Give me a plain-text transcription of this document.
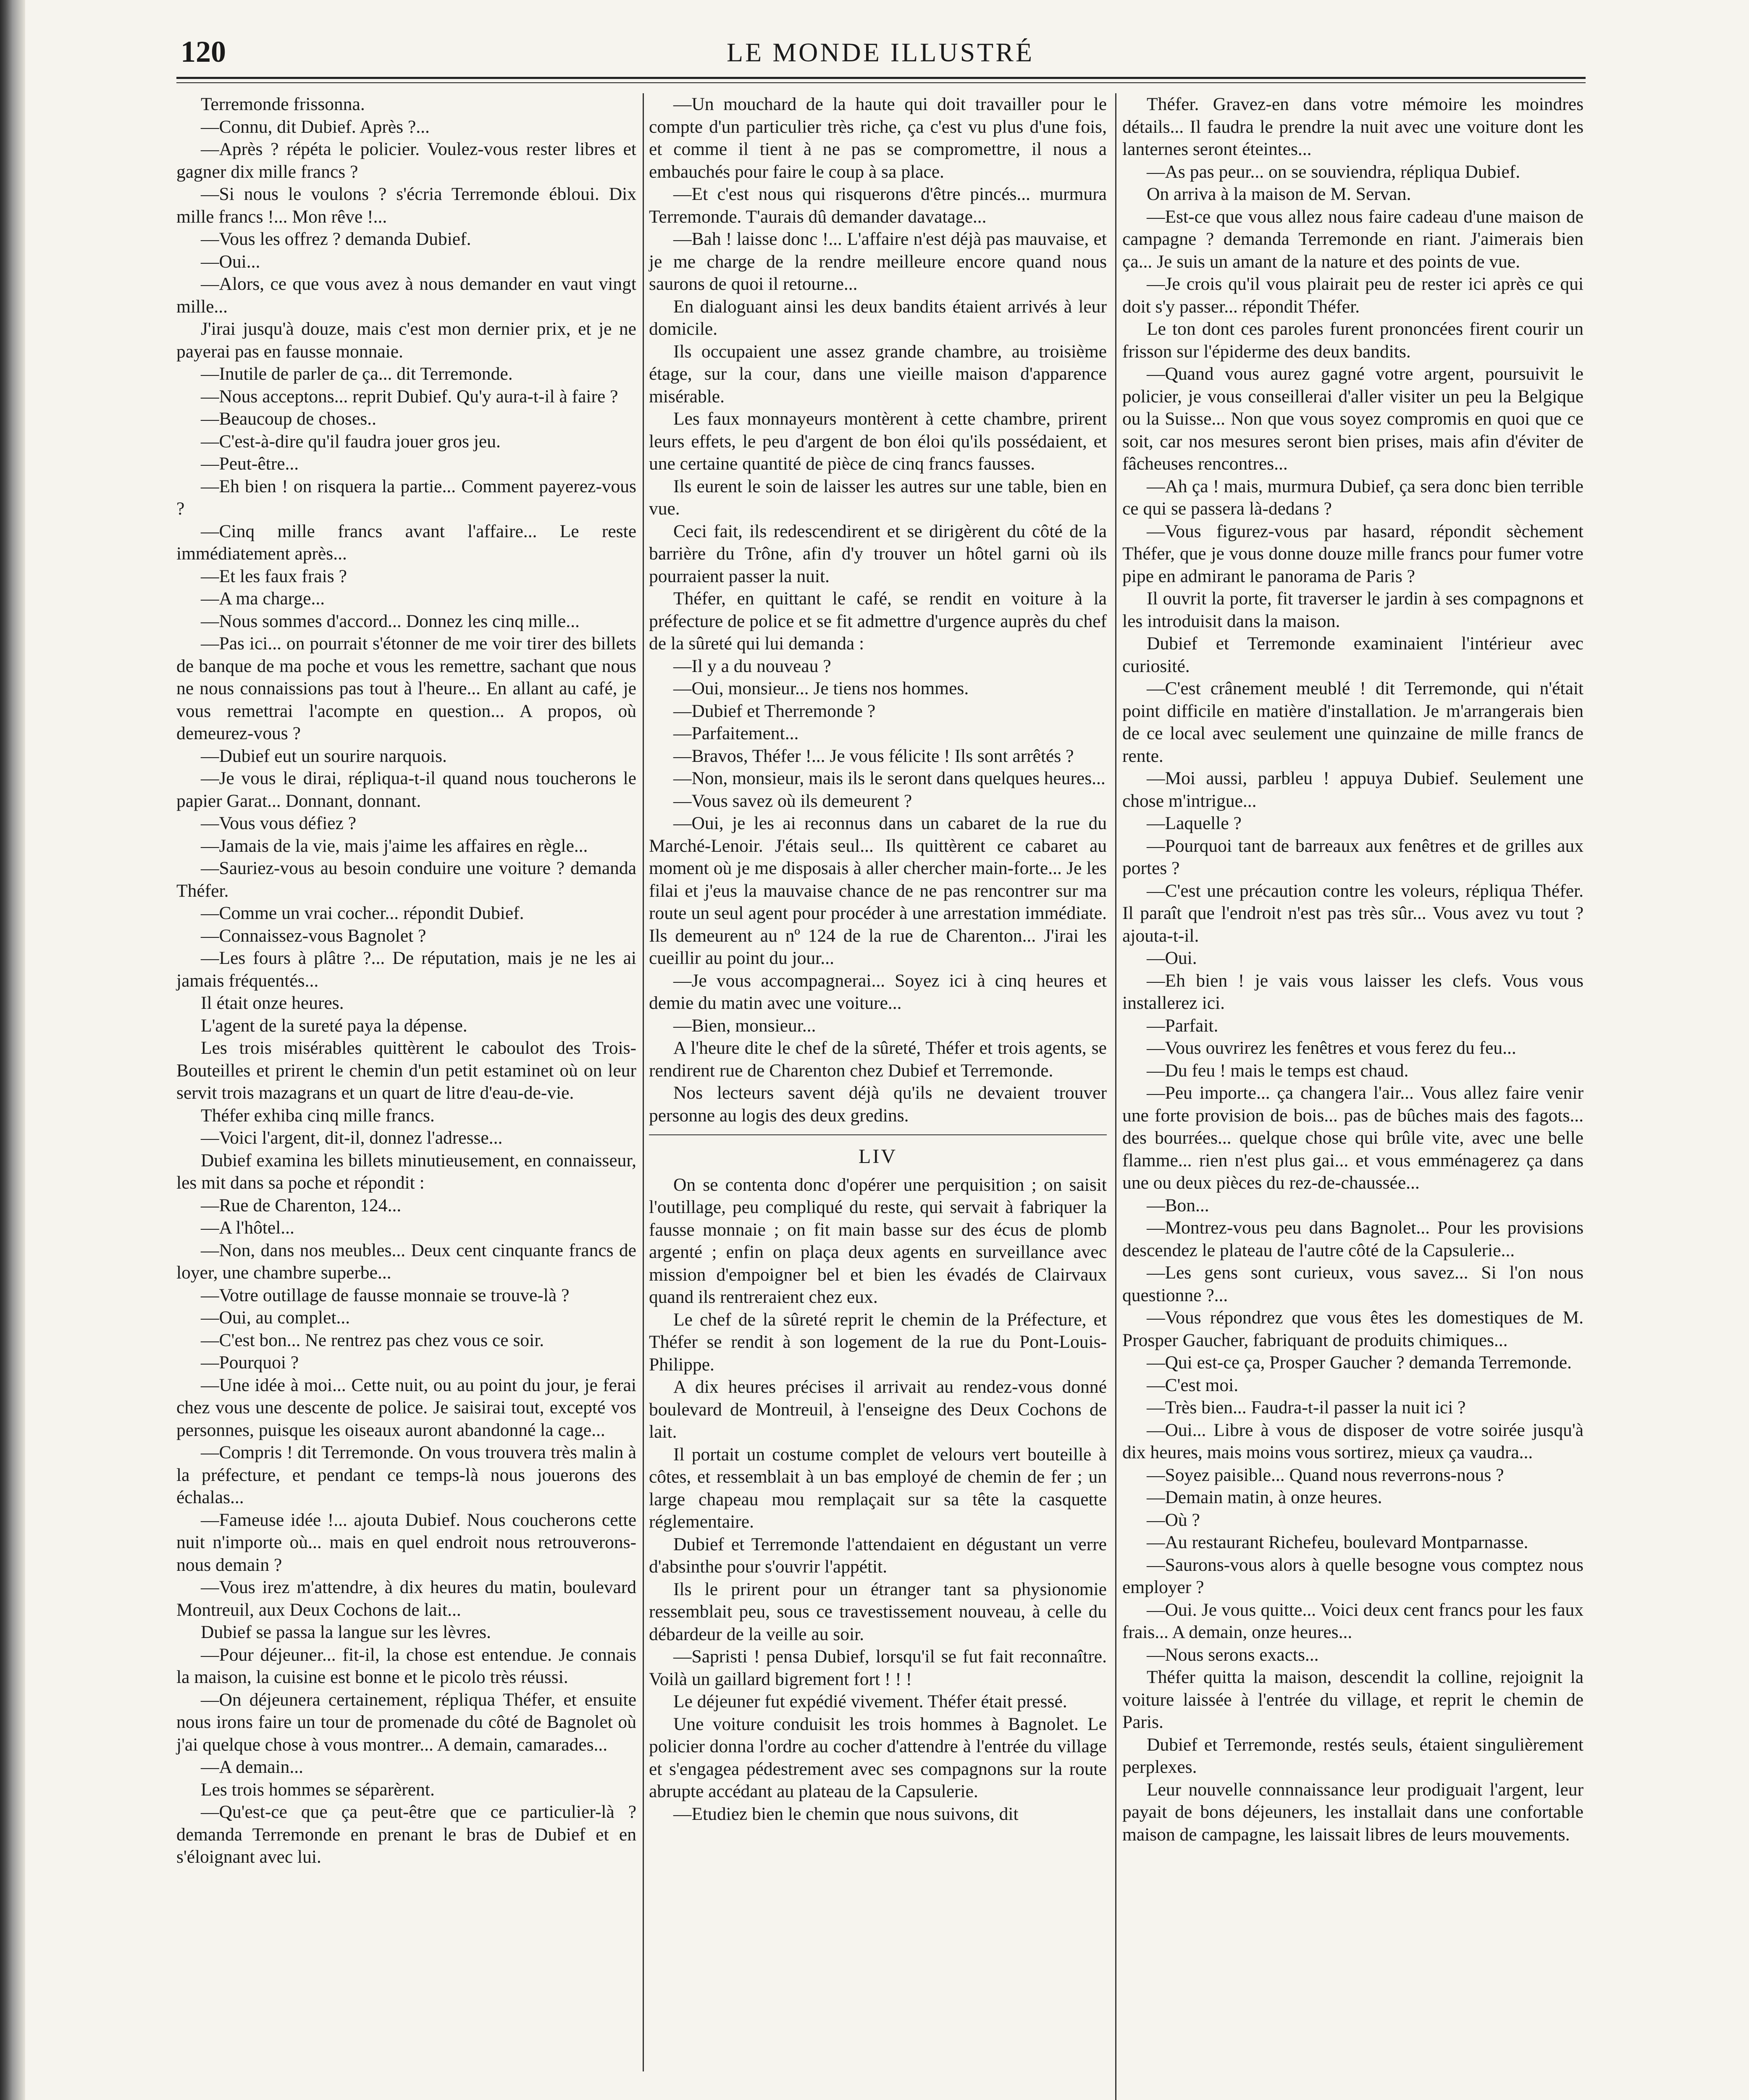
120	LE MONDE ILLUSTRÉ

Terremonde frissonna.

—Connu, dit Dubief. Après ?...

—Après ? répéta le policier. Voulez-vous rester libres et gagner dix mille francs ?

—Si nous le voulons ? s'écria Terremonde ébloui. Dix mille francs !... Mon rêve !...

—Vous les offrez ? demanda Dubief.

—Oui...

—Alors, ce que vous avez à nous demander en vaut vingt mille...

J'irai jusqu'à douze, mais c'est mon dernier prix, et je ne payerai pas en fausse monnaie.

—Inutile de parler de ça... dit Terremonde.

—Nous acceptons... reprit Dubief. Qu'y aura-t-il à faire ?

—Beaucoup de choses..

—C'est-à-dire qu'il faudra jouer gros jeu.

—Peut-être...

—Eh bien ! on risquera la partie... Comment payerez-vous ?

—Cinq mille francs avant l'affaire... Le reste immédiatement après...

—Et les faux frais ?

—A ma charge...

—Nous sommes d'accord... Donnez les cinq mille...

—Pas ici... on pourrait s'étonner de me voir tirer des billets de banque de ma poche et vous les remettre, sachant que nous ne nous connaissions pas tout à l'heure... En allant au café, je vous remettrai l'acompte en question... A propos, où demeurez-vous ?

—Dubief eut un sourire narquois.

—Je vous le dirai, répliqua-t-il quand nous toucherons le papier Garat... Donnant, donnant.

—Vous vous défiez ?

—Jamais de la vie, mais j'aime les affaires en règle...

—Sauriez-vous au besoin conduire une voiture ? demanda Théfer.

—Comme un vrai cocher... répondit Dubief.

—Connaissez-vous Bagnolet ?

—Les fours à plâtre ?... De réputation, mais je ne les ai jamais fréquentés...

Il était onze heures.

L'agent de la sureté paya la dépense.

Les trois misérables quittèrent le caboulot des Trois-Bouteilles et prirent le chemin d'un petit estaminet où on leur servit trois mazagrans et un quart de litre d'eau-de-vie.

Théfer exhiba cinq mille francs.

—Voici l'argent, dit-il, donnez l'adresse...

Dubief examina les billets minutieusement, en connaisseur, les mit dans sa poche et répondit :

—Rue de Charenton, 124...

—A l'hôtel...

—Non, dans nos meubles... Deux cent cinquante francs de loyer, une chambre superbe...

—Votre outillage de fausse monnaie se trouve-là ?

—Oui, au complet...

—C'est bon... Ne rentrez pas chez vous ce soir.

—Pourquoi ?

—Une idée à moi... Cette nuit, ou au point du jour, je ferai chez vous une descente de police. Je saisirai tout, excepté vos personnes, puisque les oiseaux auront abandonné la cage...

—Compris ! dit Terremonde. On vous trouvera très malin à la préfecture, et pendant ce temps-là nous jouerons des échalas...

—Fameuse idée !... ajouta Dubief. Nous coucherons cette nuit n'importe où... mais en quel endroit nous retrouverons-nous demain ?

—Vous irez m'attendre, à dix heures du matin, boulevard Montreuil, aux Deux Cochons de lait...

Dubief se passa la langue sur les lèvres.

—Pour déjeuner... fit-il, la chose est entendue. Je connais la maison, la cuisine est bonne et le picolo très réussi.

—On déjeunera certainement, répliqua Théfer, et ensuite nous irons faire un tour de promenade du côté de Bagnolet où j'ai quelque chose à vous montrer... A demain, camarades...

—A demain...

Les trois hommes se séparèrent.

—Qu'est-ce que ça peut-être que ce particulier-là ? demanda Terremonde en prenant le bras de Dubief et en s'éloignant avec lui.

—Un mouchard de la haute qui doit travailler pour le compte d'un particulier très riche, ça c'est vu plus d'une fois, et comme il tient à ne pas se compromettre, il nous a embauchés pour faire le coup à sa place.

—Et c'est nous qui risquerons d'être pincés... murmura Terremonde. T'aurais dû demander davatage...

—Bah ! laisse donc !... L'affaire n'est déjà pas mauvaise, et je me charge de la rendre meilleure encore quand nous saurons de quoi il retourne...

En dialoguant ainsi les deux bandits étaient arrivés à leur domicile.

Ils occupaient une assez grande chambre, au troisième étage, sur la cour, dans une vieille maison d'apparence misérable.

Les faux monnayeurs montèrent à cette chambre, prirent leurs effets, le peu d'argent de bon éloi qu'ils possédaient, et une certaine quantité de pièce de cinq francs fausses.

Ils eurent le soin de laisser les autres sur une table, bien en vue.

Ceci fait, ils redescendirent et se dirigèrent du côté de la barrière du Trône, afin d'y trouver un hôtel garni où ils pourraient passer la nuit.

Théfer, en quittant le café, se rendit en voiture à la préfecture de police et se fit admettre d'urgence auprès du chef de la sûreté qui lui demanda :

—Il y a du nouveau ?

—Oui, monsieur... Je tiens nos hommes.

—Dubief et Therremonde ?

—Parfaitement...

—Bravos, Théfer !... Je vous félicite ! Ils sont arrêtés ?

—Non, monsieur, mais ils le seront dans quelques heures...

—Vous savez où ils demeurent ?

—Oui, je les ai reconnus dans un cabaret de la rue du Marché-Lenoir. J'étais seul... Ils quittèrent ce cabaret au moment où je me disposais à aller chercher main-forte... Je les filai et j'eus la mauvaise chance de ne pas rencontrer sur ma route un seul agent pour procéder à une arrestation immédiate. Ils demeurent au nº 124 de la rue de Charenton... J'irai les cueillir au point du jour...

—Je vous accompagnerai... Soyez ici à cinq heures et demie du matin avec une voiture...

—Bien, monsieur...

A l'heure dite le chef de la sûreté, Théfer et trois agents, se rendirent rue de Charenton chez Dubief et Terremonde.

Nos lecteurs savent déjà qu'ils ne devaient trouver personne au logis des deux gredins.

LIV

On se contenta donc d'opérer une perquisition ; on saisit l'outillage, peu compliqué du reste, qui servait à fabriquer la fausse monnaie ; on fit main basse sur des écus de plomb argenté ; enfin on plaça deux agents en surveillance avec mission d'empoigner bel et bien les évadés de Clairvaux quand ils rentreraient chez eux.

Le chef de la sûreté reprit le chemin de la Préfecture, et Théfer se rendit à son logement de la rue du Pont-Louis-Philippe.

A dix heures précises il arrivait au rendez-vous donné boulevard de Montreuil, à l'enseigne des Deux Cochons de lait.

Il portait un costume complet de velours vert bouteille à côtes, et ressemblait à un bas employé de chemin de fer ; un large chapeau mou remplaçait sur sa tête la casquette réglementaire.

Dubief et Terremonde l'attendaient en dégustant un verre d'absinthe pour s'ouvrir l'appétit.

Ils le prirent pour un étranger tant sa physionomie ressemblait peu, sous ce travestissement nouveau, à celle du débardeur de la veille au soir.

—Sapristi ! pensa Dubief, lorsqu'il se fut fait reconnaître. Voilà un gaillard bigrement fort ! ! !

Le déjeuner fut expédié vivement. Théfer était pressé.

Une voiture conduisit les trois hommes à Bagnolet. Le policier donna l'ordre au cocher d'attendre à l'entrée du village et s'engagea pédestrement avec ses compagnons sur la route abrupte accédant au plateau de la Capsulerie.

—Etudiez bien le chemin que nous suivons, dit

Théfer. Gravez-en dans votre mémoire les moindres détails... Il faudra le prendre la nuit avec une voiture dont les lanternes seront éteintes...

—As pas peur... on se souviendra, répliqua Dubief.

On arriva à la maison de M. Servan.

—Est-ce que vous allez nous faire cadeau d'une maison de campagne ? demanda Terremonde en riant. J'aimerais bien ça... Je suis un amant de la nature et des points de vue.

—Je crois qu'il vous plairait peu de rester ici après ce qui doit s'y passer... répondit Théfer.

Le ton dont ces paroles furent prononcées firent courir un frisson sur l'épiderme des deux bandits.

—Quand vous aurez gagné votre argent, poursuivit le policier, je vous conseillerai d'aller visiter un peu la Belgique ou la Suisse... Non que vous soyez compromis en quoi que ce soit, car nos mesures seront bien prises, mais afin d'éviter de fâcheuses rencontres...

—Ah ça ! mais, murmura Dubief, ça sera donc bien terrible ce qui se passera là-dedans ?

—Vous figurez-vous par hasard, répondit sèchement Théfer, que je vous donne douze mille francs pour fumer votre pipe en admirant le panorama de Paris ?

Il ouvrit la porte, fit traverser le jardin à ses compagnons et les introduisit dans la maison.

Dubief et Terremonde examinaient l'intérieur avec curiosité.

—C'est crânement meublé ! dit Terremonde, qui n'était point difficile en matière d'installation. Je m'arrangerais bien de ce local avec seulement une quinzaine de mille francs de rente.

—Moi aussi, parbleu ! appuya Dubief. Seulement une chose m'intrigue...

—Laquelle ?

—Pourquoi tant de barreaux aux fenêtres et de grilles aux portes ?

—C'est une précaution contre les voleurs, répliqua Théfer. Il paraît que l'endroit n'est pas très sûr... Vous avez vu tout ? ajouta-t-il.

—Oui.

—Eh bien ! je vais vous laisser les clefs. Vous vous installerez ici.

—Parfait.

—Vous ouvrirez les fenêtres et vous ferez du feu...

—Du feu ! mais le temps est chaud.

—Peu importe... ça changera l'air... Vous allez faire venir une forte provision de bois... pas de bûches mais des fagots... des bourrées... quelque chose qui brûle vite, avec une belle flamme... rien n'est plus gai... et vous emménagerez ça dans une ou deux pièces du rez-de-chaussée...

—Bon...

—Montrez-vous peu dans Bagnolet... Pour les provisions descendez le plateau de l'autre côté de la Capsulerie...

—Les gens sont curieux, vous savez... Si l'on nous questionne ?...

—Vous répondrez que vous êtes les domestiques de M. Prosper Gaucher, fabriquant de produits chimiques...

—Qui est-ce ça, Prosper Gaucher ? demanda Terremonde.

—C'est moi.

—Très bien... Faudra-t-il passer la nuit ici ?

—Oui... Libre à vous de disposer de votre soirée jusqu'à dix heures, mais moins vous sortirez, mieux ça vaudra...

—Soyez paisible... Quand nous reverrons-nous ?

—Demain matin, à onze heures.

—Où ?

—Au restaurant Richefeu, boulevard Montparnasse.

—Saurons-vous alors à quelle besogne vous comptez nous employer ?

—Oui. Je vous quitte... Voici deux cent francs pour les faux frais... A demain, onze heures...

—Nous serons exacts...

Théfer quitta la maison, descendit la colline, rejoignit la voiture laissée à l'entrée du village, et reprit le chemin de Paris.

Dubief et Terremonde, restés seuls, étaient singulièrement perplexes.

Leur nouvelle connnaissance leur prodiguait l'argent, leur payait de bons déjeuners, les installait dans une confortable maison de campagne, les laissait libres de leurs mouvements.
